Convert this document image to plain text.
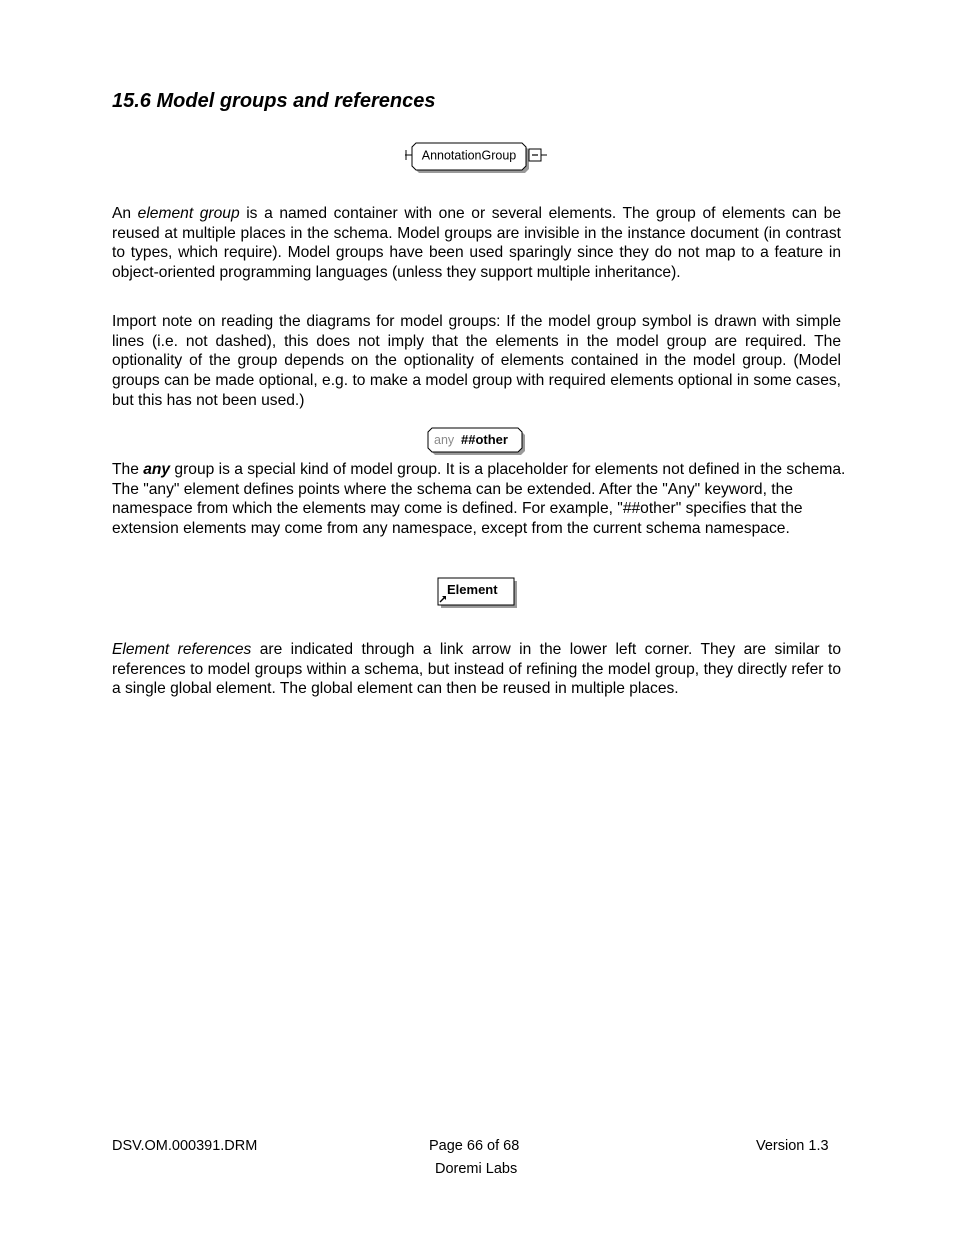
15.6 Model groups and references
AnnotationGroup

An element group is a named container with one or several elements. The group of elements can be reused at multiple places in the schema. Model groups are invisible in the instance document (in contrast to types, which require). Model groups have been used sparingly since they do not map to a feature in object-oriented programming languages (unless they support multiple inheritance).

Import note on reading the diagrams for model groups: If the model group symbol is drawn with simple lines (i.e. not dashed), this does not imply that the elements in the model group are required. The optionality of the group depends on the optionality of elements contained in the model group. (Model groups can be made optional, e.g. to make a model group with required elements optional in some cases, but this has not been used.)

any ##other

The any group is a special kind of model group. It is a placeholder for elements not defined in the schema. The "any" element defines points where the schema can be extended. After the "Any" keyword, the namespace from which the elements may come is defined. For example, "##other" specifies that the extension elements may come from any namespace, except from the current schema namespace.

Element

Element references are indicated through a link arrow in the lower left corner. They are similar to references to model groups within a schema, but instead of refining the model group, they directly refer to a single global element. The global element can then be reused in multiple places.

DSV.OM.000391.DRM	Page 66 of 68
Doremi Labs
Version 1.3
